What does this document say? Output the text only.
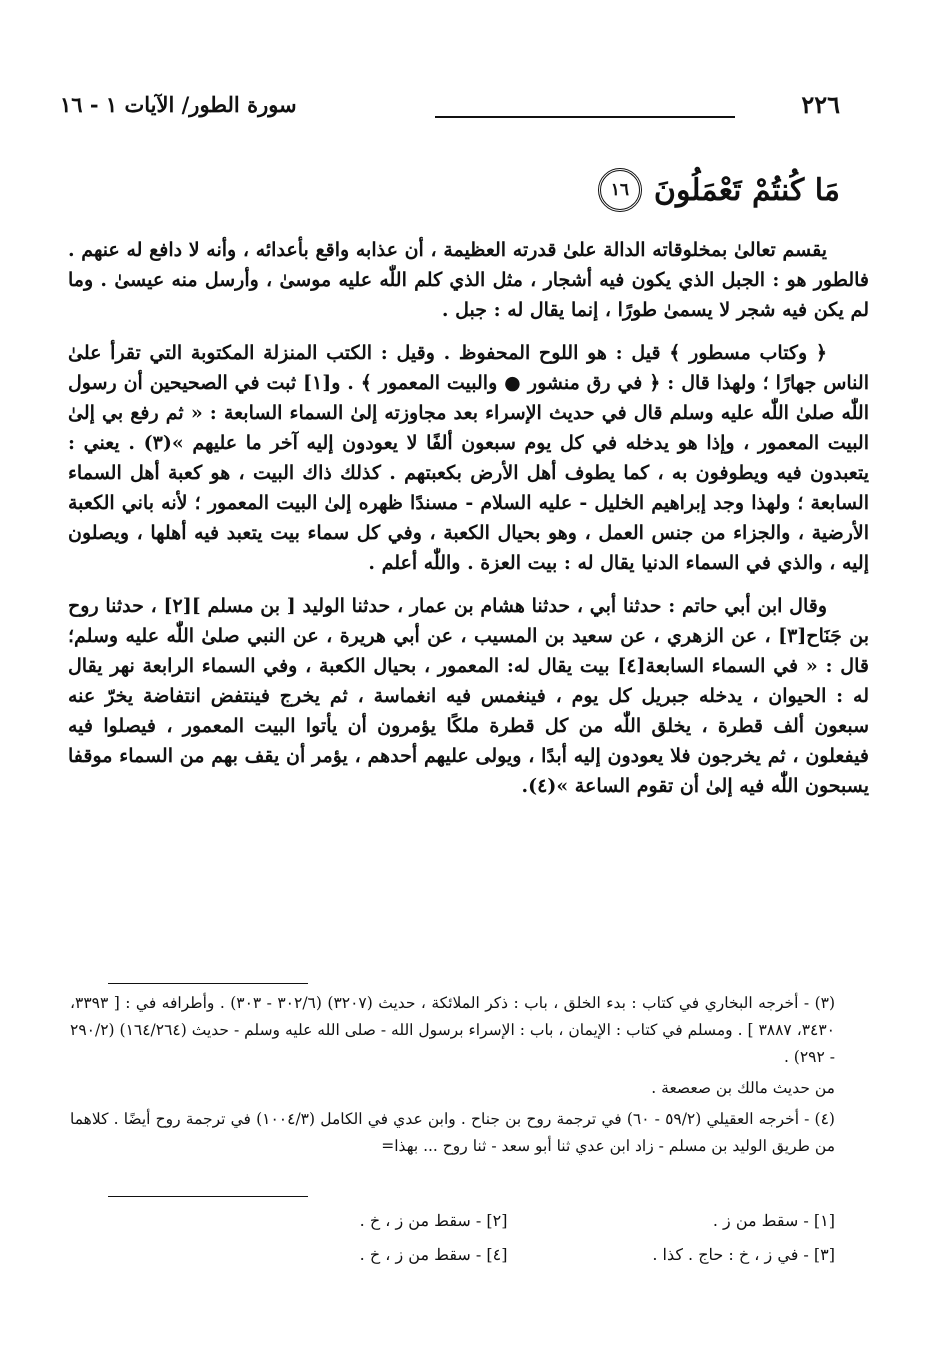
٢٢٦
سورة الطور/ الآيات ١ - ١٦
مَا كُنتُمْ تَعْمَلُونَ
١٦

يقسم تعالىٰ بمخلوقاته الدالة علىٰ قدرته العظيمة ، أن عذابه واقع بأعدائه ، وأنه لا دافع له عنهم . فالطور هو : الجبل الذي يكون فيه أشجار ، مثل الذي كلم اللّٰه عليه موسىٰ ، وأرسل منه عيسىٰ . وما لم يكن فيه شجر لا يسمىٰ طورًا ، إنما يقال له : جبل .

﴿ وكتاب مسطور ﴾ قيل : هو اللوح المحفوظ . وقيل : الكتب المنزلة المكتوبة التي تقرأ علىٰ الناس جهارًا ؛ ولهذا قال : ﴿ في رق منشور ● والبيت المعمور ﴾ . و[١] ثبت في الصحيحين أن رسول اللّٰه صلىٰ اللّٰه عليه وسلم قال في حديث الإسراء بعد مجاوزته إلىٰ السماء السابعة : « ثم رفع بي إلىٰ البيت المعمور ، وإذا هو يدخله في كل يوم سبعون ألفًا لا يعودون إليه آخر ما عليهم »(٣) . يعني : يتعبدون فيه ويطوفون به ، كما يطوف أهل الأرض بكعبتهم . كذلك ذاك البيت ، هو كعبة أهل السماء السابعة ؛ ولهذا وجد إبراهيم الخليل - عليه السلام - مسندًا ظهره إلىٰ البيت المعمور ؛ لأنه باني الكعبة الأرضية ، والجزاء من جنس العمل ، وهو بحيال الكعبة ، وفي كل سماء بيت يتعبد فيه أهلها ، ويصلون إليه ، والذي في السماء الدنيا يقال له : بيت العزة . واللّٰه أعلم .

وقال ابن أبي حاتم : حدثنا أبي ، حدثنا هشام بن عمار ، حدثنا الوليد [ بن مسلم ][٢] ، حدثنا روح بن جَنَاح[٣] ، عن الزهري ، عن سعيد بن المسيب ، عن أبي هريرة ، عن النبي صلىٰ اللّٰه عليه وسلم؛ قال : « في السماء السابعة[٤] بيت يقال له: المعمور ، بحيال الكعبة ، وفي السماء الرابعة نهر يقال له : الحيوان ، يدخله جبريل كل يوم ، فينغمس فيه انغماسة ، ثم يخرج فينتفض انتفاضة يخرّ عنه سبعون ألف قطرة ، يخلق اللّٰه من كل قطرة ملكًا يؤمرون أن يأتوا البيت المعمور ، فيصلوا فيه فيفعلون ، ثم يخرجون فلا يعودون إليه أبدًا ، ويولى عليهم أحدهم ، يؤمر أن يقف بهم من السماء موقفا يسبحون اللّٰه فيه إلىٰ أن تقوم الساعة »(٤).

(٣) - أخرجه البخاري في كتاب : بدء الخلق ، باب : ذكر الملائكة ، حديث (٣٢٠٧) (٣٠٢/٦ - ٣٠٣) . وأطرافه في : [ ٣٣٩٣، ٣٤٣٠، ٣٨٨٧ ] . ومسلم في كتاب : الإيمان ، باب : الإسراء برسول الله - صلى الله عليه وسلم - حديث (١٦٤/٢٦٤) (٢٩٠/٢ - ٢٩٢) .

من حديث مالك بن صعصعة .

(٤) - أخرجه العقيلي (٥٩/٢ - ٦٠) في ترجمة روح بن جناح . وابن عدي في الكامل (١٠٠٤/٣) في ترجمة روح أيضًا . كلاهما من طريق الوليد بن مسلم - زاد ابن عدي ثنا أبو سعد - ثنا روح ... بهذا=

[١] - سقط من ز .
[٢] - سقط من ز ، خ .
[٣] - في ز ، خ : حاج . كذا .
[٤] - سقط من ز ، خ .
